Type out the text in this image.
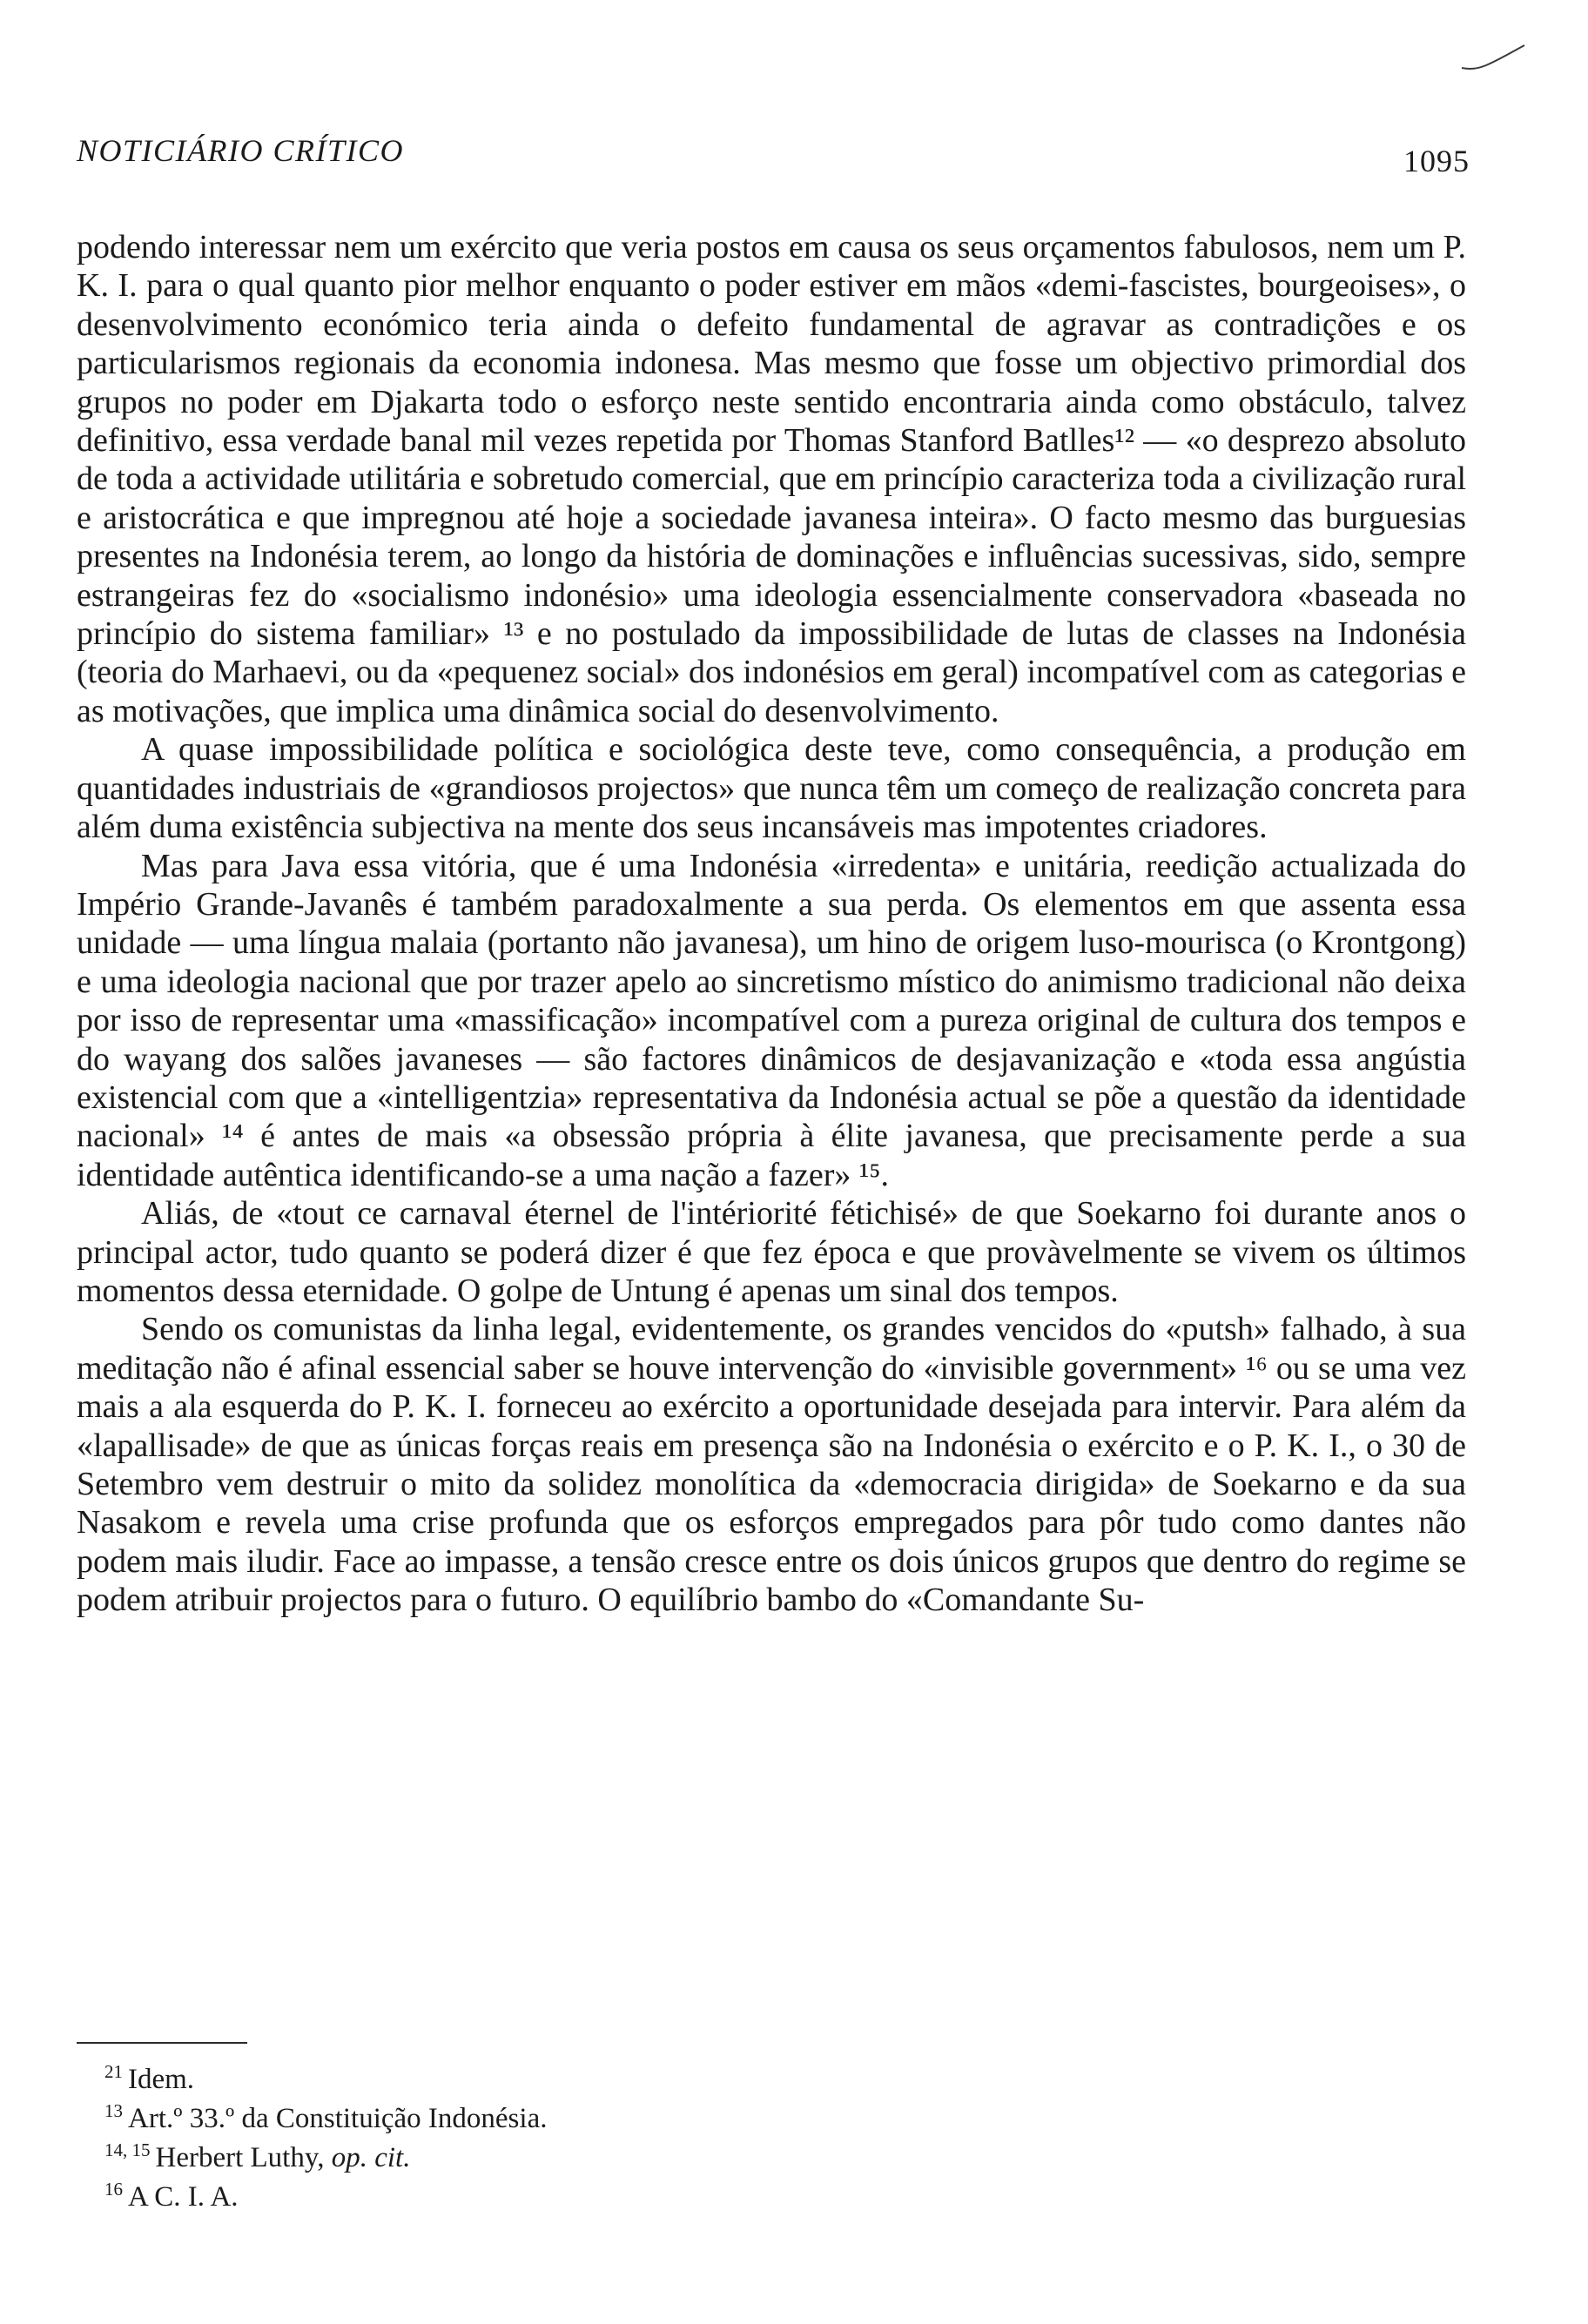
NOTICIÁRIO CRÍTICO	1095

podendo interessar nem um exército que veria postos em causa os seus orçamentos fabulosos, nem um P. K. I. para o qual quanto pior melhor enquanto o poder estiver em mãos «demi-fascistes, bourgeoises», o desenvolvimento económico teria ainda o defeito fundamental de agravar as contradições e os particularismos regionais da economia indonesa. Mas mesmo que fosse um objectivo primordial dos grupos no poder em Djakarta todo o esforço neste sentido encontraria ainda como obstáculo, talvez definitivo, essa verdade banal mil vezes repetida por Thomas Stanford Batlles¹² — «o desprezo absoluto de toda a actividade utilitária e sobretudo comercial, que em princípio caracteriza toda a civilização rural e aristocrática e que impregnou até hoje a sociedade javanesa inteira». O facto mesmo das burguesias presentes na Indonésia terem, ao longo da história de dominações e influências sucessivas, sido, sempre estrangeiras fez do «socialismo indonésio» uma ideologia essencialmente conservadora «baseada no princípio do sistema familiar» ¹³ e no postulado da impossibilidade de lutas de classes na Indonésia (teoria do Marhaevi, ou da «pequenez social» dos indonésios em geral) incompatível com as categorias e as motivações, que implica uma dinâmica social do desenvolvimento.

A quase impossibilidade política e sociológica deste teve, como consequência, a produção em quantidades industriais de «grandiosos projectos» que nunca têm um começo de realização concreta para além duma existência subjectiva na mente dos seus incansáveis mas impotentes criadores.

Mas para Java essa vitória, que é uma Indonésia «irredenta» e unitária, reedição actualizada do Império Grande-Javanês é também paradoxalmente a sua perda. Os elementos em que assenta essa unidade — uma língua malaia (portanto não javanesa), um hino de origem luso-mourisca (o Krontgong) e uma ideologia nacional que por trazer apelo ao sincretismo místico do animismo tradicional não deixa por isso de representar uma «massificação» incompatível com a pureza original de cultura dos tempos e do wayang dos salões javaneses — são factores dinâmicos de desjavanização e «toda essa angústia existencial com que a «intelligentzia» representativa da Indonésia actual se põe a questão da identidade nacional» ¹⁴ é antes de mais «a obsessão própria à élite javanesa, que precisamente perde a sua identidade autêntica identificando-se a uma nação a fazer» ¹⁵.

Aliás, de «tout ce carnaval éternel de l'intériorité fétichisé» de que Soekarno foi durante anos o principal actor, tudo quanto se poderá dizer é que fez época e que provàvelmente se vivem os últimos momentos dessa eternidade. O golpe de Untung é apenas um sinal dos tempos.

Sendo os comunistas da linha legal, evidentemente, os grandes vencidos do «putsh» falhado, à sua meditação não é afinal essencial saber se houve intervenção do «invisible government» ¹⁶ ou se uma vez mais a ala esquerda do P. K. I. forneceu ao exército a oportunidade desejada para intervir. Para além da «lapallisade» de que as únicas forças reais em presença são na Indonésia o exército e o P. K. I., o 30 de Setembro vem destruir o mito da solidez monolítica da «democracia dirigida» de Soekarno e da sua Nasakom e revela uma crise profunda que os esforços empregados para pôr tudo como dantes não podem mais iludir. Face ao impasse, a tensão cresce entre os dois únicos grupos que dentro do regime se podem atribuir projectos para o futuro. O equilíbrio bambo do «Comandante Su-

$^{21}$ Idem.

$^{13}$ Art.º 33.º da Constituição Indonésia.

$^{14, 15}$ Herbert Luthy, op. cit.

$^{16}$ A C. I. A.
